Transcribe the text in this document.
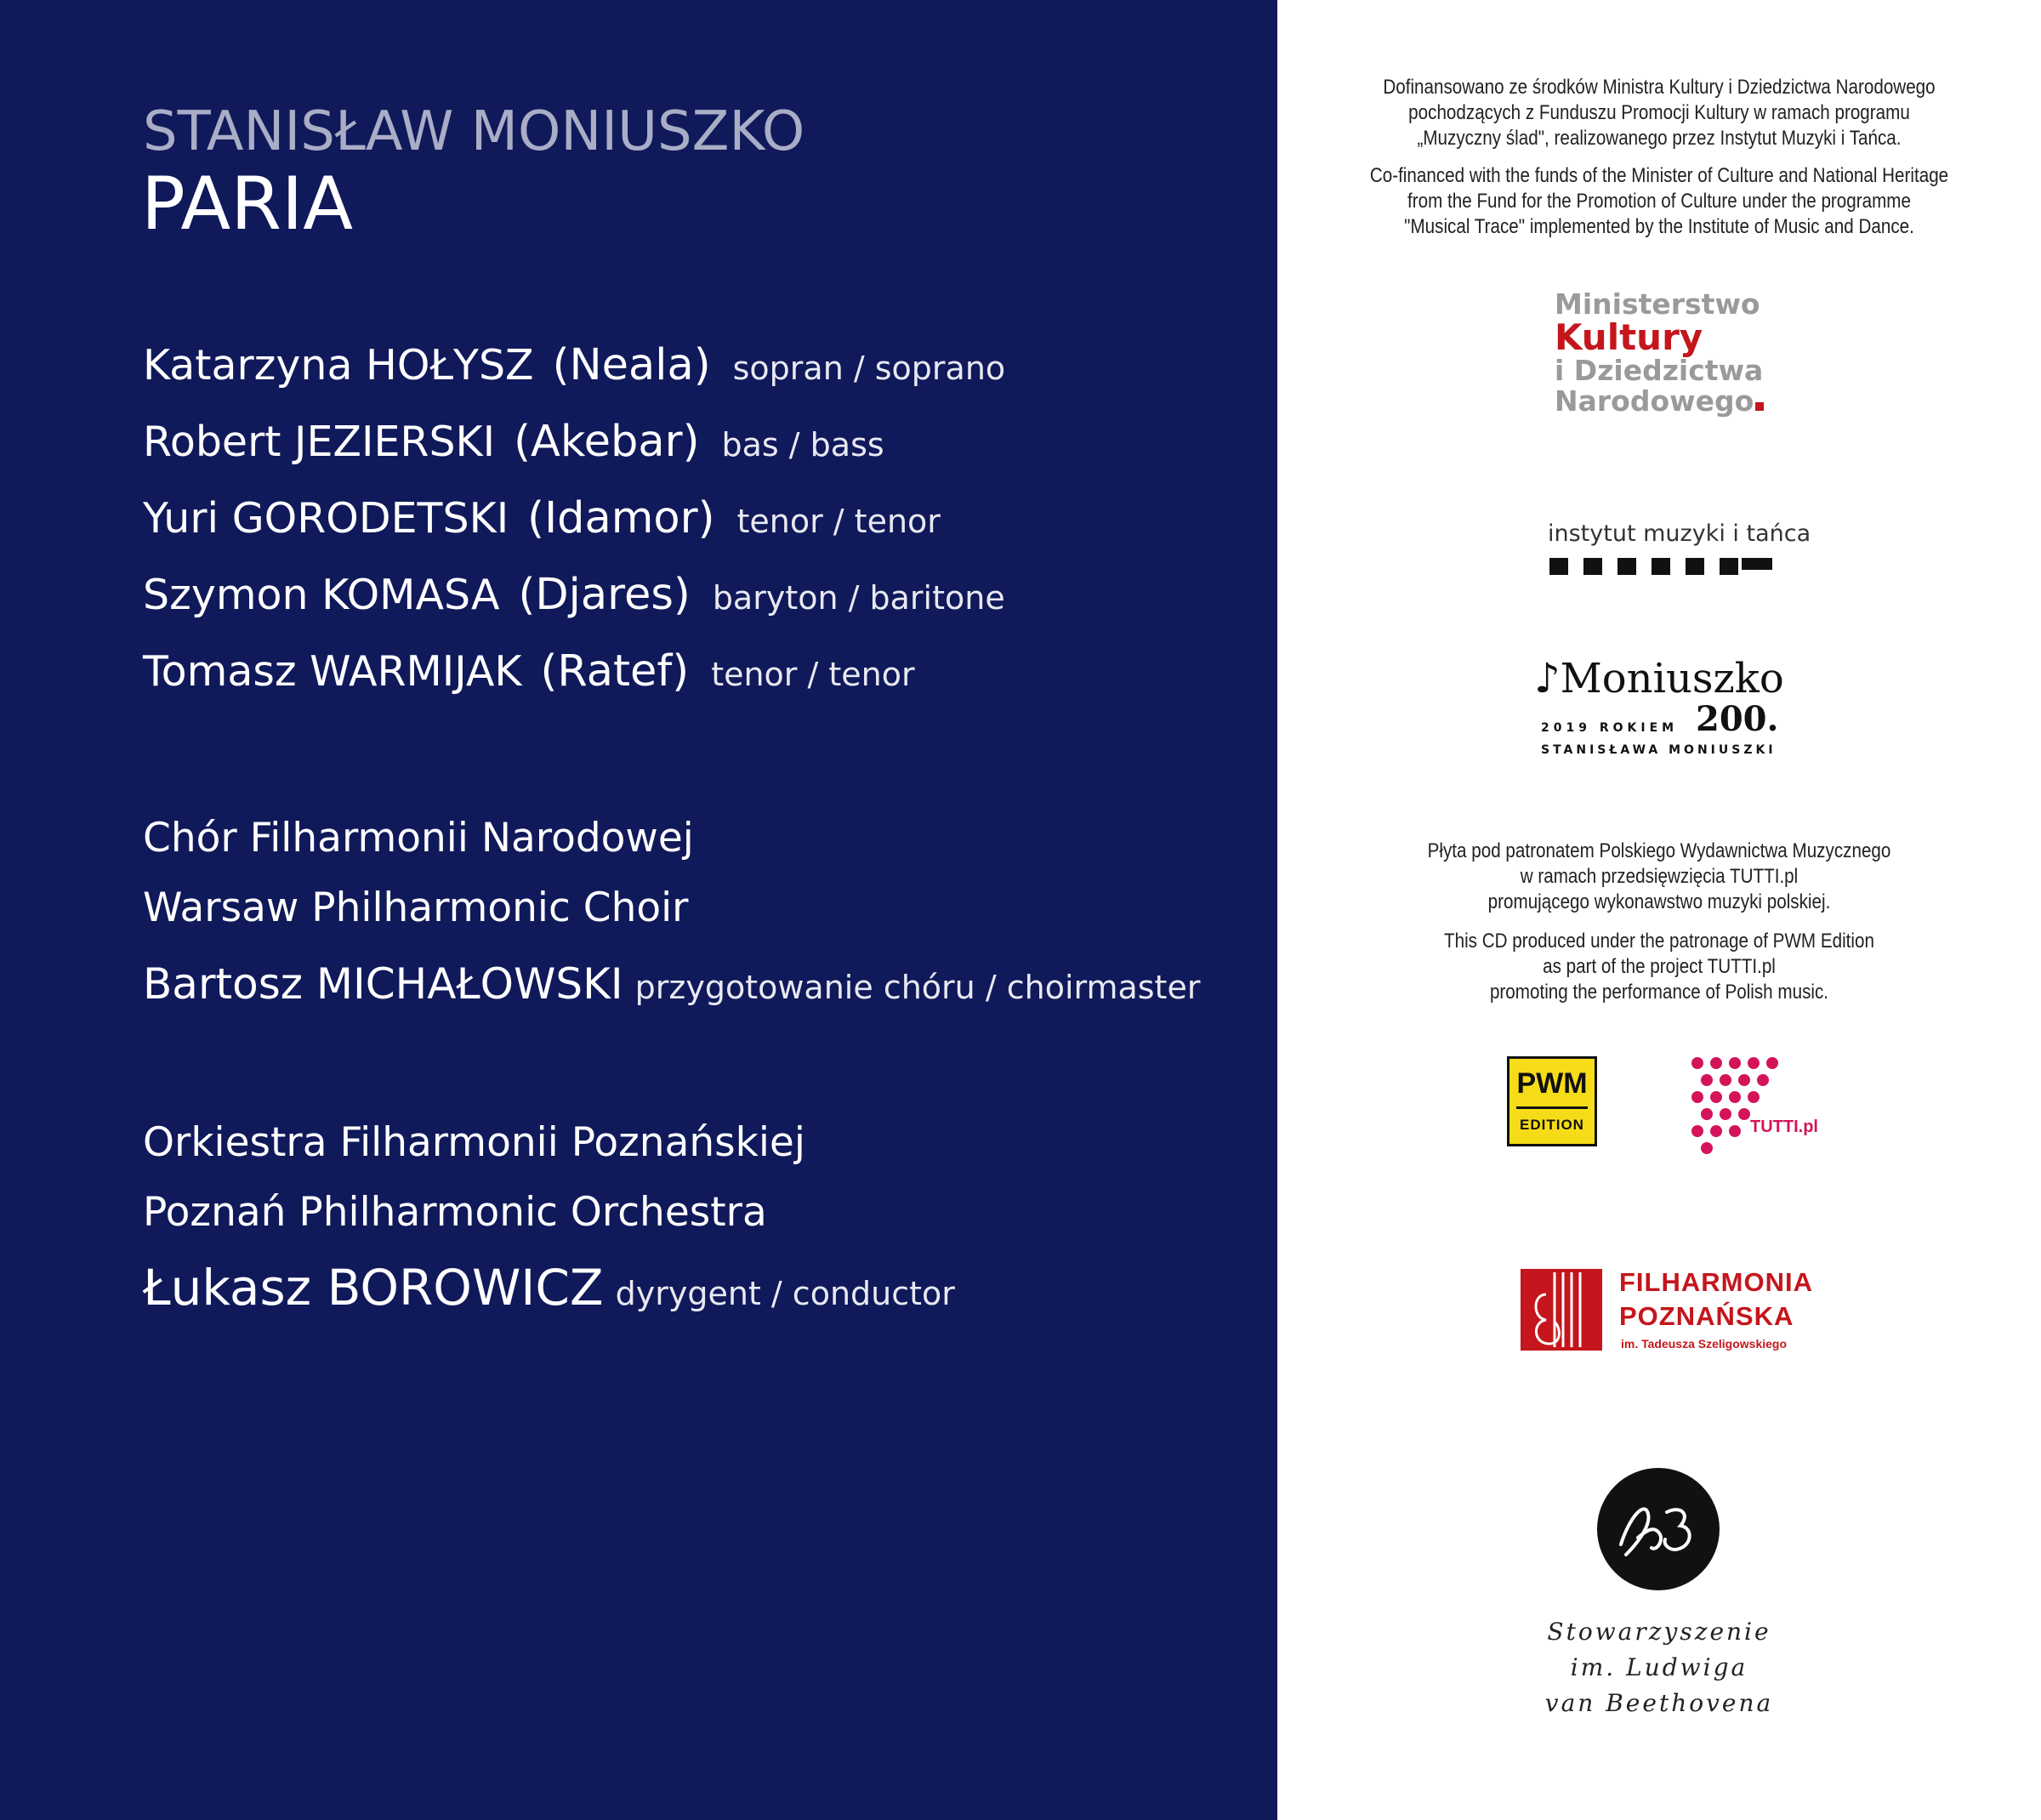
STANISŁAW MONIUSZKO
PARIA
Katarzyna HOŁYSZ (Neala) sopran / soprano
Robert JEZIERSKI (Akebar) bas / bass
Yuri GORODETSKI (Idamor) tenor / tenor
Szymon KOMASA (Djares) baryton / baritone
Tomasz WARMIJAK (Ratef) tenor / tenor
Chór Filharmonii Narodowej
Warsaw Philharmonic Choir
Bartosz MICHAŁOWSKI przygotowanie chóru / choirmaster
Orkiestra Filharmonii Poznańskiej
Poznań Philharmonic Orchestra
Łukasz BOROWICZ dyrygent / conductor
Dofinansowano ze środków Ministra Kultury i Dziedzictwa Narodowego
pochodzących z Funduszu Promocji Kultury w ramach programu
„Muzyczny ślad", realizowanego przez Instytut Muzyki i Tańca.
Co-financed with the funds of the Minister of Culture and National Heritage
from the Fund for the Promotion of Culture under the programme
"Musical Trace" implemented by the Institute of Music and Dance.
Ministerstwo
Kultury
i Dziedzictwa
Narodowego
instytut muzyki i tańca
♪Moniuszko
200.
2019 ROKIEM
STANISŁAWA MONIUSZKI
Płyta pod patronatem Polskiego Wydawnictwa Muzycznego
w ramach przedsięwzięcia TUTTI.pl
promującego wykonawstwo muzyki polskiej.
This CD produced under the patronage of PWM Edition
as part of the project TUTTI.pl
promoting the performance of Polish music.
PWM
EDITION	TUTTI.pl
FILHARMONIA
POZNAŃSKA
im. Tadeusza Szeligowskiego
Stowarzyszenie
im. Ludwiga
van Beethovena
